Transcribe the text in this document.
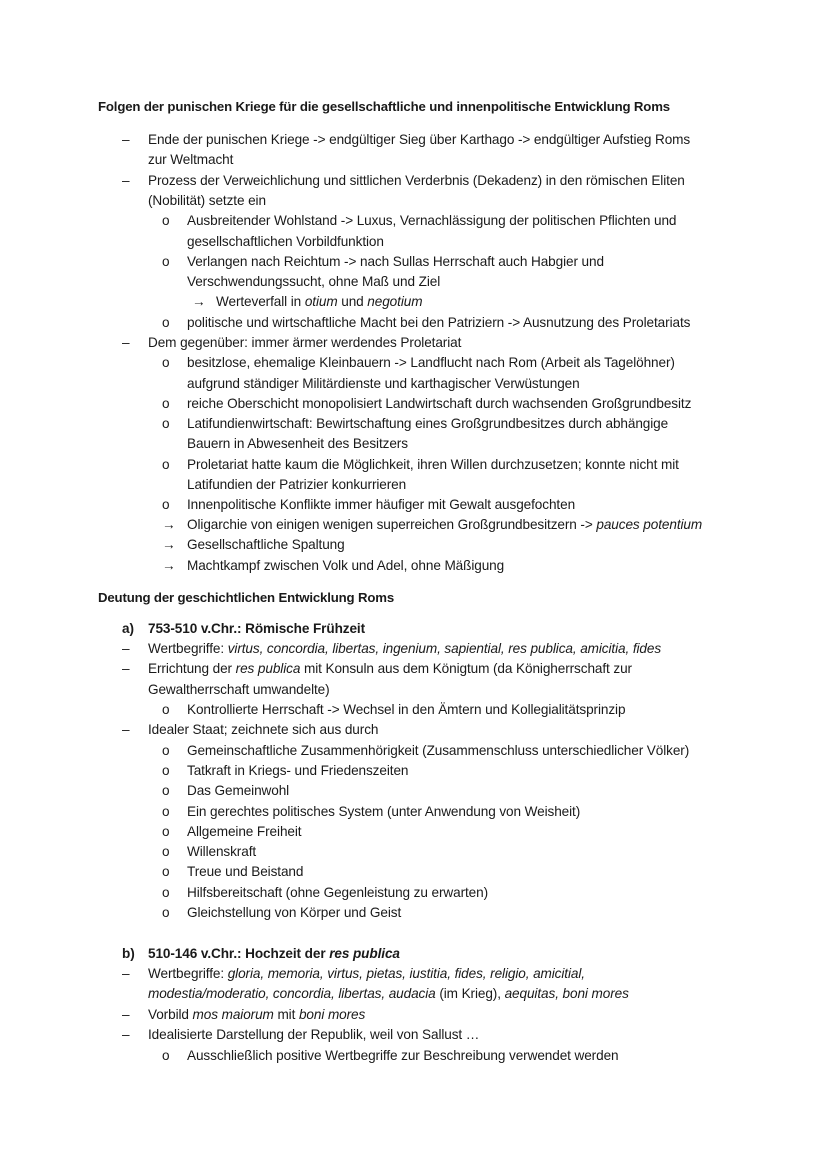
Folgen der punischen Kriege für die gesellschaftliche und innenpolitische Entwicklung Roms
– Ende der punischen Kriege -> endgültiger Sieg über Karthago -> endgültiger Aufstieg Roms
zur Weltmacht
– Prozess der Verweichlichung und sittlichen Verderbnis (Dekadenz) in den römischen Eliten
(Nobilität) setzte ein
o Ausbreitender Wohlstand -> Luxus, Vernachlässigung der politischen Pflichten und
gesellschaftlichen Vorbildfunktion
o Verlangen nach Reichtum -> nach Sullas Herrschaft auch Habgier und
Verschwendungssucht, ohne Maß und Ziel
→ Werteverfall in otium und negotium
o politische und wirtschaftliche Macht bei den Patriziern -> Ausnutzung des Proletariats
– Dem gegenüber: immer ärmer werdendes Proletariat
o besitzlose, ehemalige Kleinbauern -> Landflucht nach Rom (Arbeit als Tagelöhner)
aufgrund ständiger Militärdienste und karthagischer Verwüstungen
o reiche Oberschicht monopolisiert Landwirtschaft durch wachsenden Großgrundbesitz
o Latifundienwirtschaft: Bewirtschaftung eines Großgrundbesitzes durch abhängige
Bauern in Abwesenheit des Besitzers
o Proletariat hatte kaum die Möglichkeit, ihren Willen durchzusetzen; konnte nicht mit
Latifundien der Patrizier konkurrieren
o Innenpolitische Konflikte immer häufiger mit Gewalt ausgefochten
→ Oligarchie von einigen wenigen superreichen Großgrundbesitzern -> pauces potentium
→ Gesellschaftliche Spaltung
→ Machtkampf zwischen Volk und Adel, ohne Mäßigung
Deutung der geschichtlichen Entwicklung Roms
a) 753-510 v.Chr.: Römische Frühzeit
– Wertbegriffe: virtus, concordia, libertas, ingenium, sapiential, res publica, amicitia, fides
– Errichtung der res publica mit Konsuln aus dem Königtum (da Königherrschaft zur
Gewaltherrschaft umwandelte)
o Kontrollierte Herrschaft -> Wechsel in den Ämtern und Kollegialitätsprinzip
– Idealer Staat; zeichnete sich aus durch
o Gemeinschaftliche Zusammenhörigkeit (Zusammenschluss unterschiedlicher Völker)
o Tatkraft in Kriegs- und Friedenszeiten
o Das Gemeinwohl
o Ein gerechtes politisches System (unter Anwendung von Weisheit)
o Allgemeine Freiheit
o Willenskraft
o Treue und Beistand
o Hilfsbereitschaft (ohne Gegenleistung zu erwarten)
o Gleichstellung von Körper und Geist
b) 510-146 v.Chr.: Hochzeit der res publica
– Wertbegriffe: gloria, memoria, virtus, pietas, iustitia, fides, religio, amicitial,
modestia/moderatio, concordia, libertas, audacia (im Krieg), aequitas, boni mores
– Vorbild mos maiorum mit boni mores
– Idealisierte Darstellung der Republik, weil von Sallust …
o Ausschließlich positive Wertbegriffe zur Beschreibung verwendet werden
